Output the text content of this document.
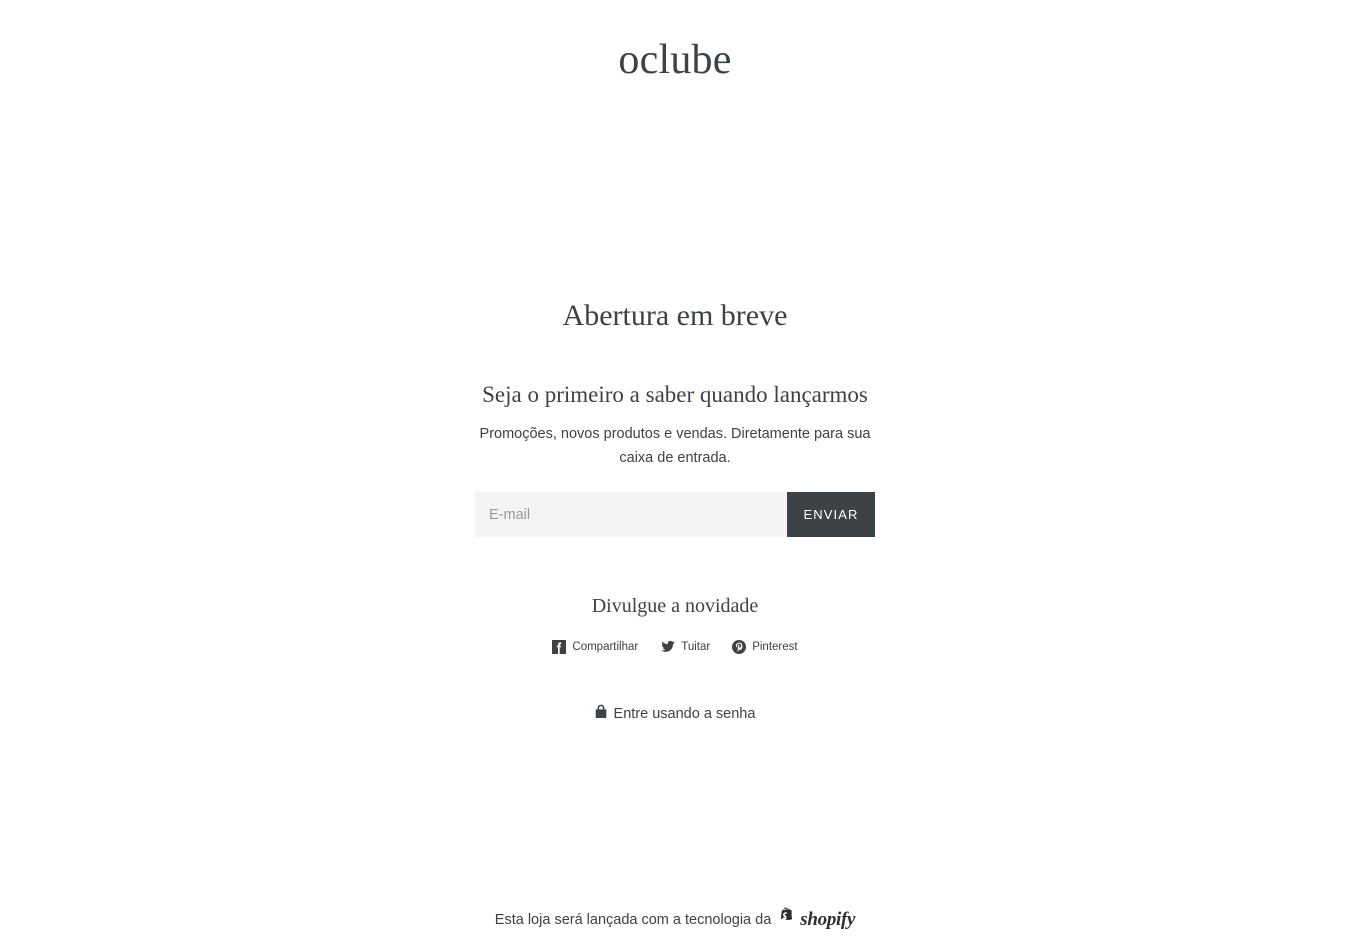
oclube
Abertura em breve
Seja o primeiro a saber quando lançarmos

Promoções, novos produtos e vendas. Diretamente para sua caixa de entrada.

E-mail
ENVIAR
Divulgue a novidade
Compartilhar	Tuitar	Pinterest
Entre usando a senha
Esta loja será lançada com a tecnologia da shopify
